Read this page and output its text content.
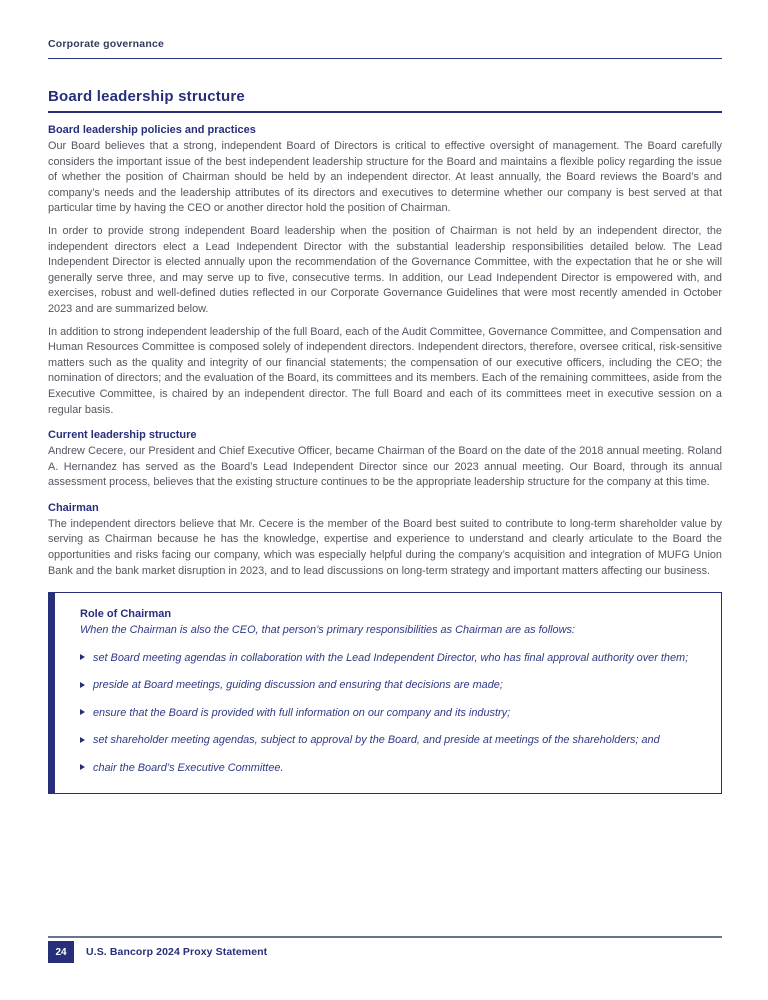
Corporate governance
Board leadership structure
Board leadership policies and practices

Our Board believes that a strong, independent Board of Directors is critical to effective oversight of management. The Board carefully considers the important issue of the best independent leadership structure for the Board and maintains a flexible policy regarding the issue of whether the position of Chairman should be held by an independent director. At least annually, the Board reviews the Board’s and company’s needs and the leadership attributes of its directors and executives to determine whether our company is best served at that particular time by having the CEO or another director hold the position of Chairman.

In order to provide strong independent Board leadership when the position of Chairman is not held by an independent director, the independent directors elect a Lead Independent Director with the substantial leadership responsibilities detailed below. The Lead Independent Director is elected annually upon the recommendation of the Governance Committee, with the expectation that he or she will generally serve three, and may serve up to five, consecutive terms. In addition, our Lead Independent Director is empowered with, and exercises, robust and well-defined duties reflected in our Corporate Governance Guidelines that were most recently amended in October 2023 and are summarized below.

In addition to strong independent leadership of the full Board, each of the Audit Committee, Governance Committee, and Compensation and Human Resources Committee is composed solely of independent directors. Independent directors, therefore, oversee critical, risk-sensitive matters such as the quality and integrity of our financial statements; the compensation of our executive officers, including the CEO; the nomination of directors; and the evaluation of the Board, its committees and its members. Each of the remaining committees, aside from the Executive Committee, is chaired by an independent director. The full Board and each of its committees meet in executive session on a regular basis.

Current leadership structure

Andrew Cecere, our President and Chief Executive Officer, became Chairman of the Board on the date of the 2018 annual meeting. Roland A. Hernandez has served as the Board’s Lead Independent Director since our 2023 annual meeting. Our Board, through its annual assessment process, believes that the existing structure continues to be the appropriate leadership structure for the company at this time.

Chairman

The independent directors believe that Mr. Cecere is the member of the Board best suited to contribute to long-term shareholder value by serving as Chairman because he has the knowledge, expertise and experience to understand and clearly articulate to the Board the opportunities and risks facing our company, which was especially helpful during the company’s acquisition and integration of MUFG Union Bank and the bank market disruption in 2023, and to lead discussions on long-term strategy and important matters affecting our business.

Role of Chairman
When the Chairman is also the CEO, that person’s primary responsibilities as Chairman are as follows:
set Board meeting agendas in collaboration with the Lead Independent Director, who has final approval authority over them;
preside at Board meetings, guiding discussion and ensuring that decisions are made;
ensure that the Board is provided with full information on our company and its industry;
set shareholder meeting agendas, subject to approval by the Board, and preside at meetings of the shareholders; and
chair the Board’s Executive Committee.
24	U.S. Bancorp 2024 Proxy Statement
